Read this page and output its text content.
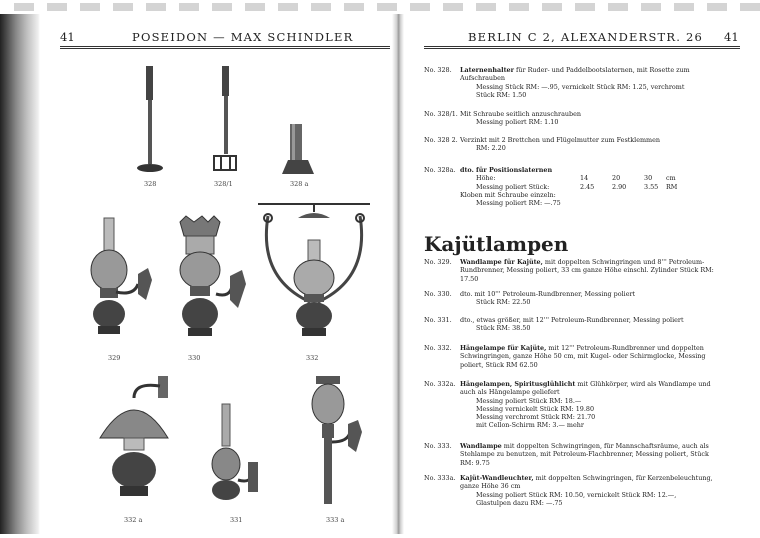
41	POSEIDON — MAX SCHINDLER
328	328/1	328 a
329	330	332
332 a	331	333 a
BERLIN C 2, ALEXANDERSTR. 26 41
No. 328.	Laternenhalter für Ruder- und Paddelbootslaternen, mit Rosette zum Aufschrauben
Messing Stück RM: —.95, vernickelt Stück RM: 1.25, verchromt
Stück RM: 1.50
No. 328/1. Mit Schraube seitlich anzuschrauben
Messing poliert RM: 1.10
No. 328 2. Verzinkt mit 2 Brettchen und Flügelmutter zum Festklemmen
RM: 2.20
No. 328a. dto. für Positionslaternen
Höhe:	14	20	30 cm
Messing poliert Stück:	2.45	2.90	3.55 RM
Kloben mit Schraube einzeln:
Messing poliert RM: —.75
No. 329.	Wandlampe für Kajüte, mit doppelten Schwingringen und 8''' Petroleum-Rundbrenner, Messing poliert, 33 cm ganze Höhe einschl. Zylinder Stück RM: 17.50
No. 330.	dto. mit 10''' Petroleum-Rundbrenner, Messing poliert
Stück RM: 22.50
No. 331.	dto., etwas größer, mit 12''' Petroleum-Rundbrenner, Messing poliert
Stück RM: 38.50
No. 332.	Hängelampe für Kajüte, mit 12''' Petroleum-Rundbrenner und doppelten Schwingringen, ganze Höhe 50 cm, mit Kugel- oder Schirmglocke, Messing poliert, Stück RM 62.50
No. 332a. Hängelampen, Spiritusglühlicht mit Glühkörper, wird als Wandlampe und auch als Hängelampe geliefert
Messing poliert Stück RM: 18.—
Messing vernickelt Stück RM: 19.80
Messing verchromt Stück RM: 21.70
mit Cellon-Schirm RM: 3.— mehr
No. 333.	Wandlampe mit doppelten Schwingringen, für Mannschaftsräume, auch als Stehlampe zu benutzen, mit Petroleum-Flachbrenner, Messing poliert, Stück RM: 9.75
No. 333a. Kajüt-Wandleuchter, mit doppelten Schwingringen, für Kerzenbeleuchtung, ganze Höhe 36 cm
Messing poliert Stück RM: 10.50, vernickelt Stück RM: 12.—,
Glastulpen dazu RM: —.75
Kajütlampen
